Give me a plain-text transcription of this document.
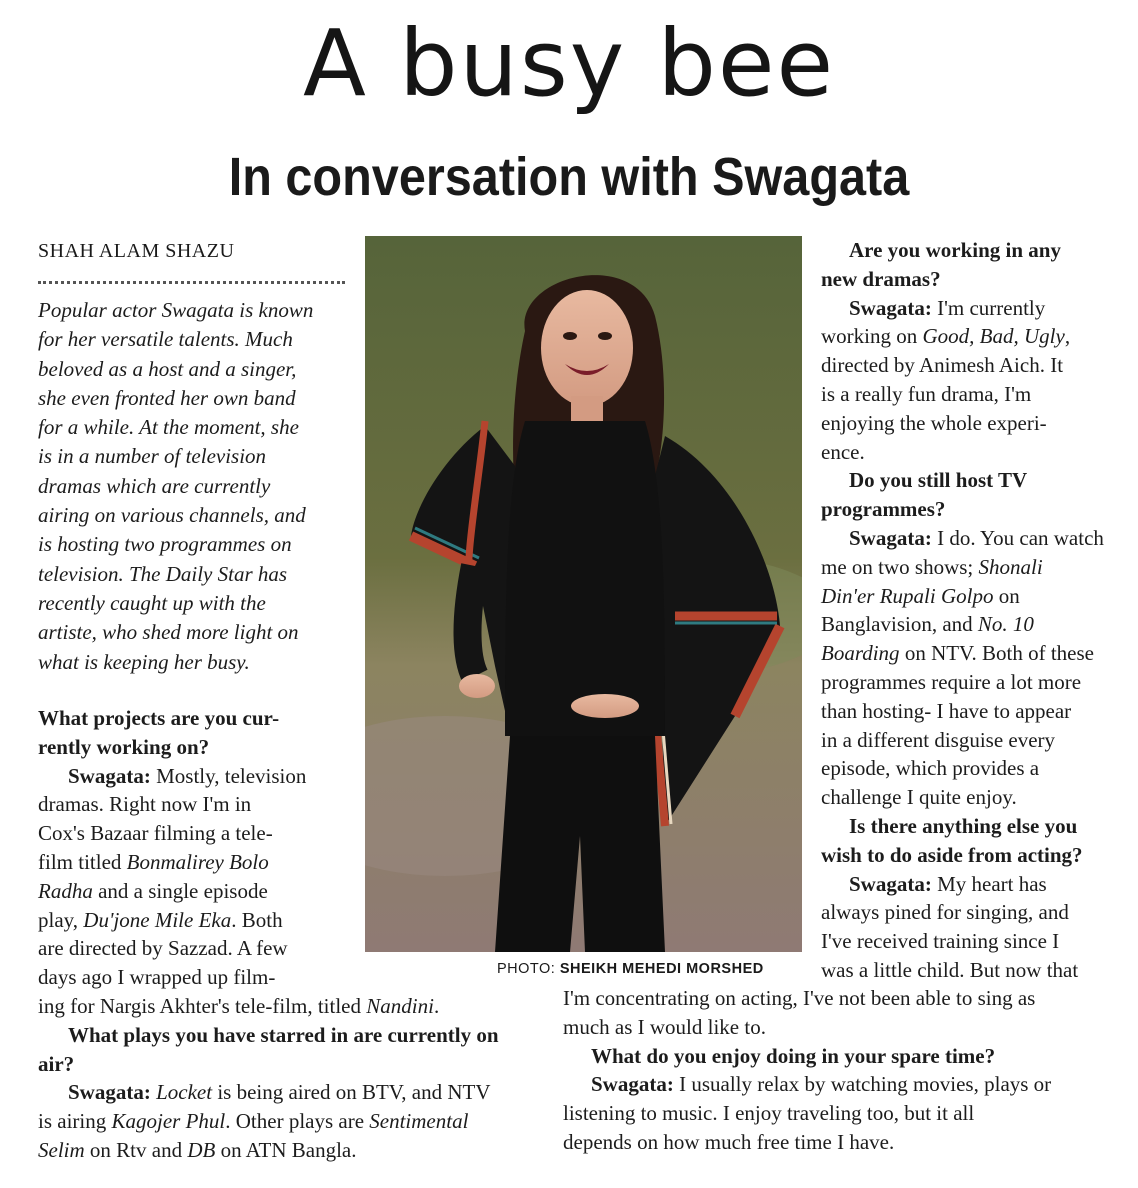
A busy bee
In conversation with Swagata

SHAH ALAM SHAZU

Popular actor Swagata is known
for her versatile talents. Much
beloved as a host and a singer,
she even fronted her own band
for a while. At the moment, she
is in a number of television
dramas which are currently
airing on various channels, and
is hosting two programmes on
television. The Daily Star has
recently caught up with the
artiste, who shed more light on
what is keeping her busy.
What projects are you cur-
rently working on?
Swagata: Mostly, television
dramas. Right now I'm in
Cox's Bazaar filming a tele-
film titled Bonmalirey Bolo
Radha and a single episode
play, Du'jone Mile Eka. Both
are directed by Sazzad. A few
days ago I wrapped up film-
ing for Nargis Akhter's tele-film, titled Nandini.
What plays you have starred in are currently on
air?
Swagata: Locket is being aired on BTV, and NTV
is airing Kagojer Phul. Other plays are Sentimental
Selim on Rtv and DB on ATN Bangla.

PHOTO: SHEIKH MEHEDI MORSHED

Are you working in any
new dramas?
Swagata: I'm currently
working on Good, Bad, Ugly,
directed by Animesh Aich. It
is a really fun drama, I'm
enjoying the whole experi-
ence.
Do you still host TV
programmes?
Swagata: I do. You can watch
me on two shows; Shonali
Din'er Rupali Golpo on
Banglavision, and No. 10
Boarding on NTV. Both of these
programmes require a lot more
than hosting- I have to appear
in a different disguise every
episode, which provides a
challenge I quite enjoy.
Is there anything else you
wish to do aside from acting?
Swagata: My heart has
always pined for singing, and
I've received training since I
was a little child. But now that
I'm concentrating on acting, I've not been able to sing as
much as I would like to.
What do you enjoy doing in your spare time?
Swagata: I usually relax by watching movies, plays or
listening to music. I enjoy traveling too, but it all
depends on how much free time I have.
